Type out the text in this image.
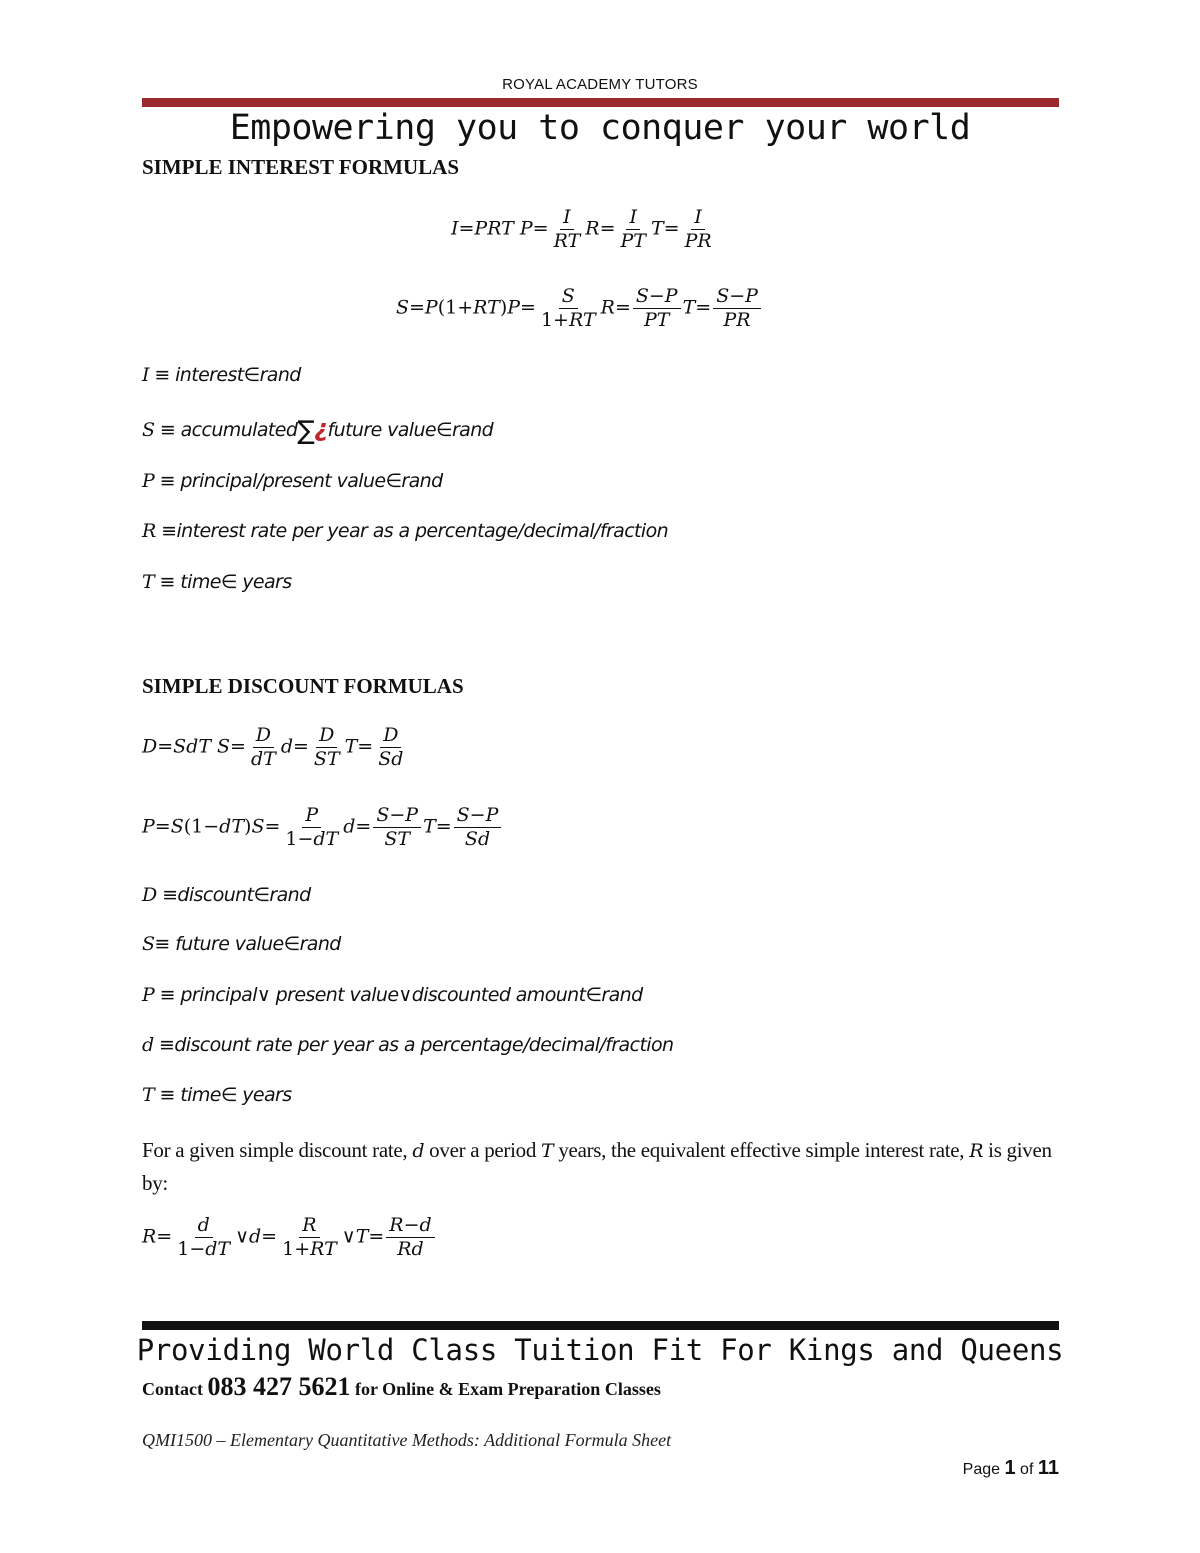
ROYAL ACADEMY TUTORS
Empowering you to conquer your world
SIMPLE INTEREST FORMULAS
I=PRT $P= \frac{I}{RT} R= \frac{I}{PT} T= \frac{I}{PR}$
$S=P(1+RT)P= \frac{S}{1+RT} R= \frac{S-P}{PT} T= \frac{S-P}{PR}$
I ≡ interest∈rand
S ≡ accumulated∑¿future value∈rand
P ≡ principal/present value∈rand
R ≡interest rate per year as a percentage/decimal/fraction
T ≡ time∈ years
SIMPLE DISCOUNT FORMULAS
D=SdT $S= \frac{D}{dT} d= \frac{D}{ST} T= \frac{D}{Sd}$
$P=S(1-dT)S= \frac{P}{1-dT} d= \frac{S-P}{ST} T= \frac{S-P}{Sd}$
D ≡discount∈rand
S≡ future value∈rand
P ≡ principal∨ present value∨discounted amount∈rand
d ≡discount rate per year as a percentage/decimal/fraction
T ≡ time∈ years
For a given simple discount rate, d over a period T years, the equivalent effective simple interest rate, R is given by:
$R= \frac{d}{1-dT}$ ∨d= $\frac{R}{1+RT}$ ∨T= $\frac{R-d}{Rd}$
Providing World Class Tuition Fit For Kings and Queens
Contact 083 427 5621 for Online & Exam Preparation Classes
QMI1500 – Elementary Quantitative Methods: Additional Formula Sheet
Page 1 of 11
